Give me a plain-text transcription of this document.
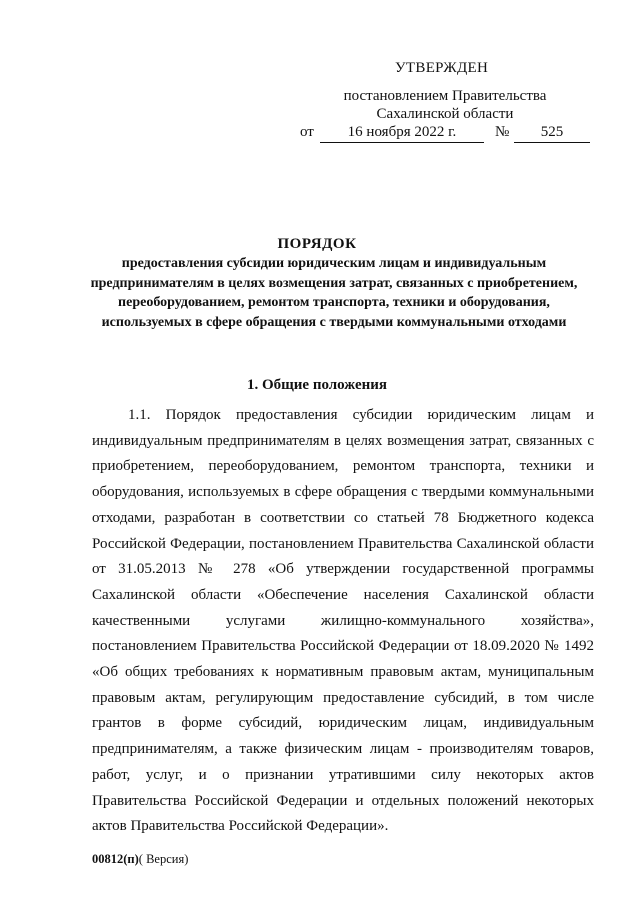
УТВЕРЖДЕН
постановлением Правительства
Сахалинской области
от	16 ноября 2022 г.	№	525
ПОРЯДОК
предоставления субсидии юридическим лицам и индивидуальным предпринимателям в целях возмещения затрат, связанных с приобретением, переоборудованием, ремонтом транспорта, техники и оборудования, используемых в сфере обращения с твердыми коммунальными отходами
1. Общие положения
1.1. Порядок предоставления субсидии юридическим лицам и индивидуальным предпринимателям в целях возмещения затрат, связанных с приобретением, переоборудованием, ремонтом транспорта, техники и оборудования, используемых в сфере обращения с твердыми коммунальными отходами, разработан в соответствии со статьей 78 Бюджетного кодекса Российской Федерации, постановлением Правительства Сахалинской области от 31.05.2013 № 278 «Об утверждении государственной программы Сахалинской области «Обеспечение населения Сахалинской области качественными услугами жилищно-коммунального хозяйства», постановлением Правительства Российской Федерации от 18.09.2020 № 1492 «Об общих требованиях к нормативным правовым актам, муниципальным правовым актам, регулирующим предоставление субсидий, в том числе грантов в форме субсидий, юридическим лицам, индивидуальным предпринимателям, а также физическим лицам - производителям товаров, работ, услуг, и о признании утратившими силу некоторых актов Правительства Российской Федерации и отдельных положений некоторых актов Правительства Российской Федерации».
00812(п)( Версия)
